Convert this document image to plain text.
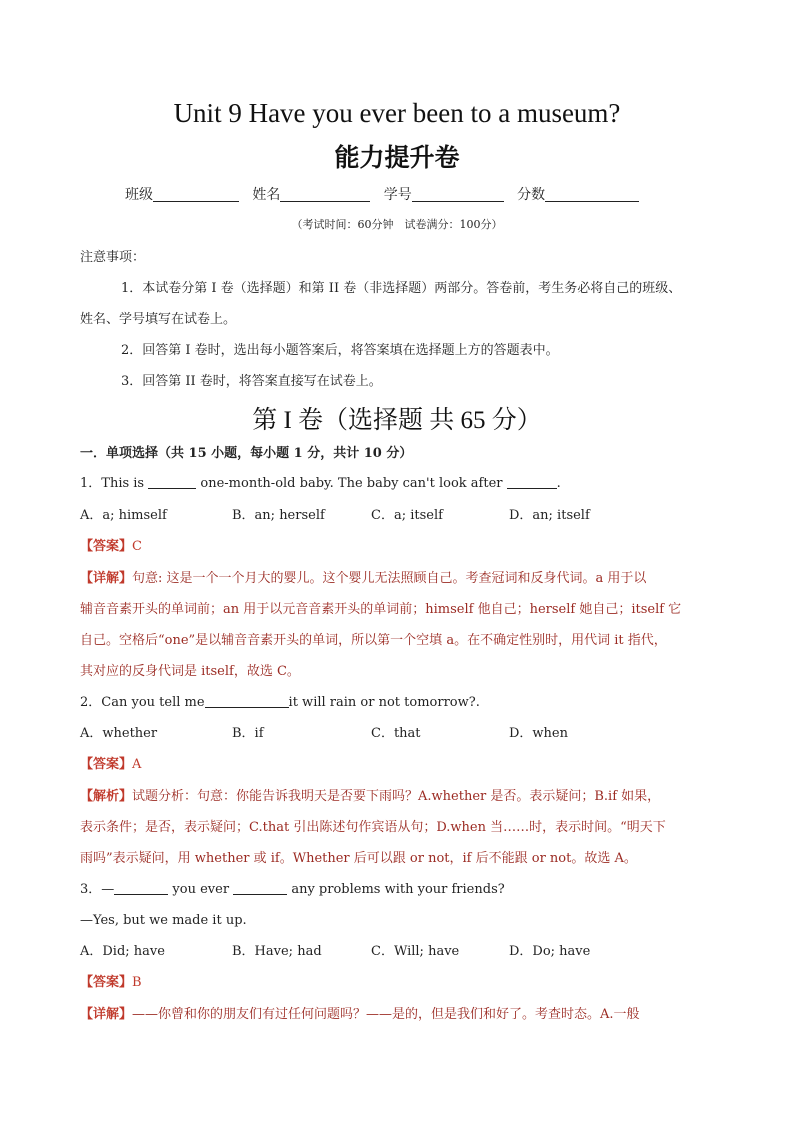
Unit 9 Have you ever been to a museum?
能力提升卷
班级	姓名	学号	分数
（考试时间：60分钟　试卷满分：100分）
注意事项：
1．本试卷分第 I 卷（选择题）和第 II 卷（非选择题）两部分。答卷前，考生务必将自己的班级、
姓名、学号填写在试卷上。
2．回答第 I 卷时，选出每小题答案后，将答案填在选择题上方的答题表中。
3．回答第 II 卷时，将答案直接写在试卷上。
第 I 卷（选择题 共 65 分）
一．单项选择（共 15 小题，每小题 1 分，共计 10 分）
1．This is	one-month-old baby. The baby can't look after	.
A．a; himself	B．an; herself	C．a; itself	D．an; itself
【答案】C
【详解】句意: 这是一个一个月大的婴儿。这个婴儿无法照顾自己。考查冠词和反身代词。a 用于以
辅音音素开头的单词前；an 用于以元音音素开头的单词前；himself 他自己；herself 她自己；itself 它
自己。空格后“one”是以辅音音素开头的单词，所以第一个空填 a。在不确定性别时，用代词 it 指代，
其对应的反身代词是 itself，故选 C。
2．Can you tell me	it will rain or not tomorrow?.
A．whether	B．if	C．that	D．when
【答案】A
【解析】试题分析：句意：你能告诉我明天是否要下雨吗？A.whether 是否。表示疑问；B.if 如果，
表示条件；是否，表示疑问；C.that 引出陈述句作宾语从句；D.when 当……时，表示时间。“明天下
雨吗”表示疑问，用 whether 或 if。Whether 后可以跟 or not，if 后不能跟 or not。故选 A。
3．—	you ever	any problems with your friends?
—Yes, but we made it up.
A．Did; have	B．Have; had	C．Will; have	D．Do; have
【答案】B
【详解】——你曾和你的朋友们有过任何问题吗？——是的，但是我们和好了。考查时态。A.一般
